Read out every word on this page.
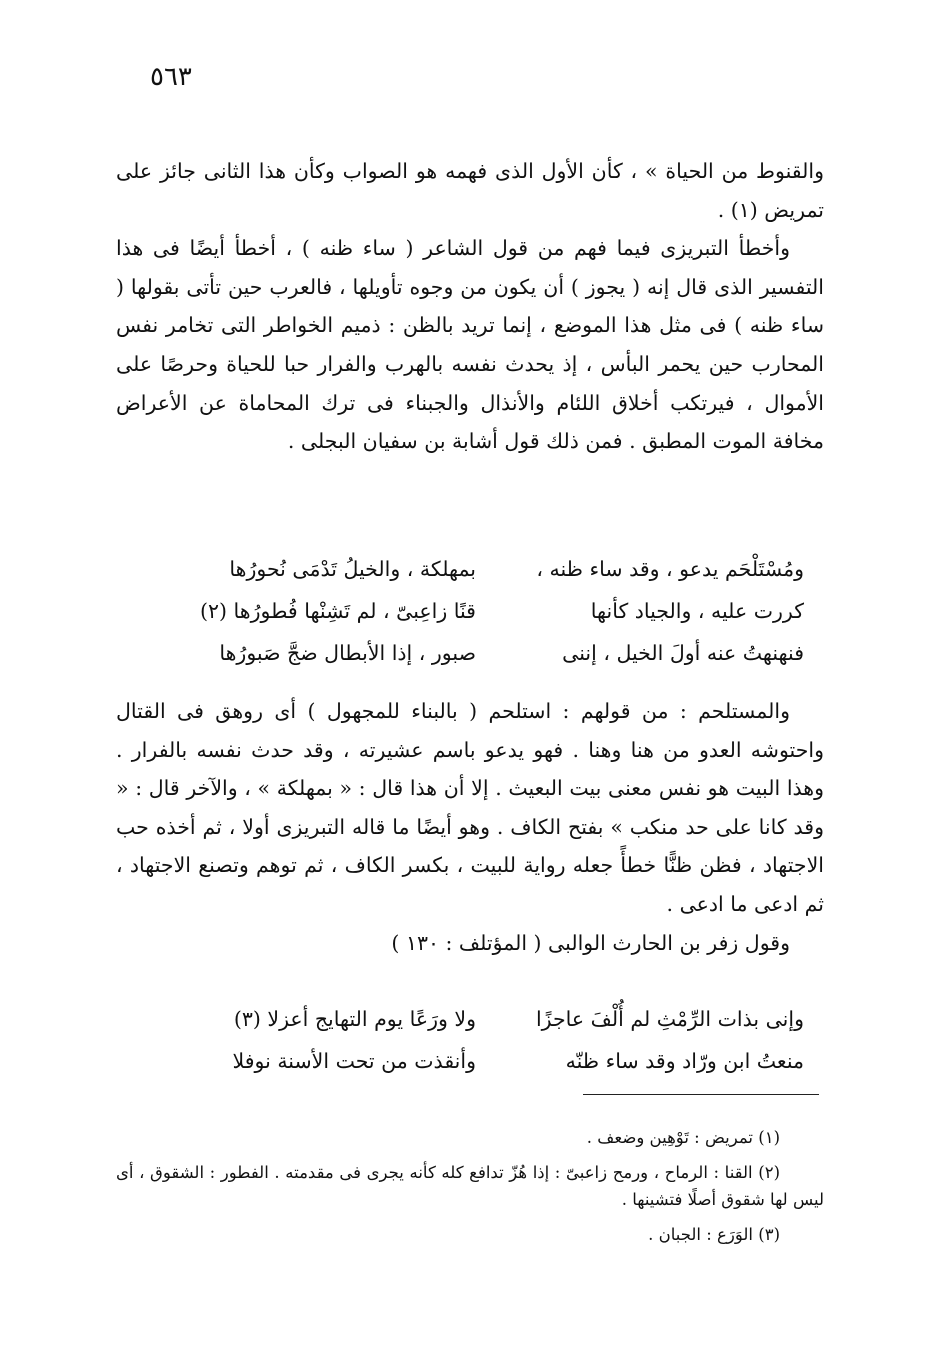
٥٦٣

والقنوط من الحياة » ، كأن الأول الذى فهمه هو الصواب وكأن هذا الثانى جائز على تمريض (١) .

وأخطأ التبريزى فيما فهم من قول الشاعر ( ساء ظنه ) ، أخطأ أيضًا فى هذا التفسير الذى قال إنه ( يجوز ) أن يكون من وجوه تأويلها ، فالعرب حين تأتى بقولها ( ساء ظنه ) فى مثل هذا الموضع ، إنما تريد بالظن : ذميم الخواطر التى تخامر نفس المحارب حين يحمر البأس ، إذ يحدث نفسه بالهرب والفرار حبا للحياة وحرصًا على الأموال ، فيرتكب أخلاق اللئام والأنذال والجبناء فى ترك المحاماة عن الأعراض مخافة الموت المطبق . فمن ذلك قول أشابة بن سفيان البجلى .

ومُسْتَلْحَم يدعو ، وقد ساء ظنه ،
بمهلكة ، والخيلُ تَدْمَى نُحورُها
كررت عليه ، والجياد كأنها
قنًا زاعِبىّ ، لم تَشِنْها فُطورُها (٢)
فنهنهتُ عنه أولَ الخيل ، إننى
صبور ، إذا الأبطال ضجَّ صَبورُها

والمستلحم : من قولهم : استلحم ( بالبناء للمجهول ) أى روهق فى القتال واحتوشه العدو من هنا وهنا . فهو يدعو باسم عشيرته ، وقد حدث نفسه بالفرار . وهذا البيت هو نفس معنى بيت البعيث . إلا أن هذا قال : « بمهلكة » ، والآخر قال : « وقد كانا على حد منكب » بفتح الكاف . وهو أيضًا ما قاله التبريزى أولا ، ثم أخذه حب الاجتهاد ، فظن ظنًّا خطأً جعله رواية للبيت ، بكسر الكاف ، ثم توهم وتصنع الاجتهاد ، ثم ادعى ما ادعى .

وقول زفر بن الحارث الوالبى ( المؤتلف : ١٣٠ )

وإنى بذات الرِّمْثِ لم أُلْفَ عاجزًا
ولا ورَعًا يوم التهايج أعزلا (٣)
منعتُ ابن ورّاد وقد ساء ظنّه
وأنقذت من تحت الأسنة نوفلا

(١) تمريض : تَوْهِين وضعف .

(٢) القنا : الرماح ، ورمح زاعبىّ : إذا هُزّ تدافع كله كأنه يجرى فى مقدمته . الفطور : الشقوق ، أى ليس لها شقوق أصلًا فتشينها .

(٣) الوَرَع : الجبان .
